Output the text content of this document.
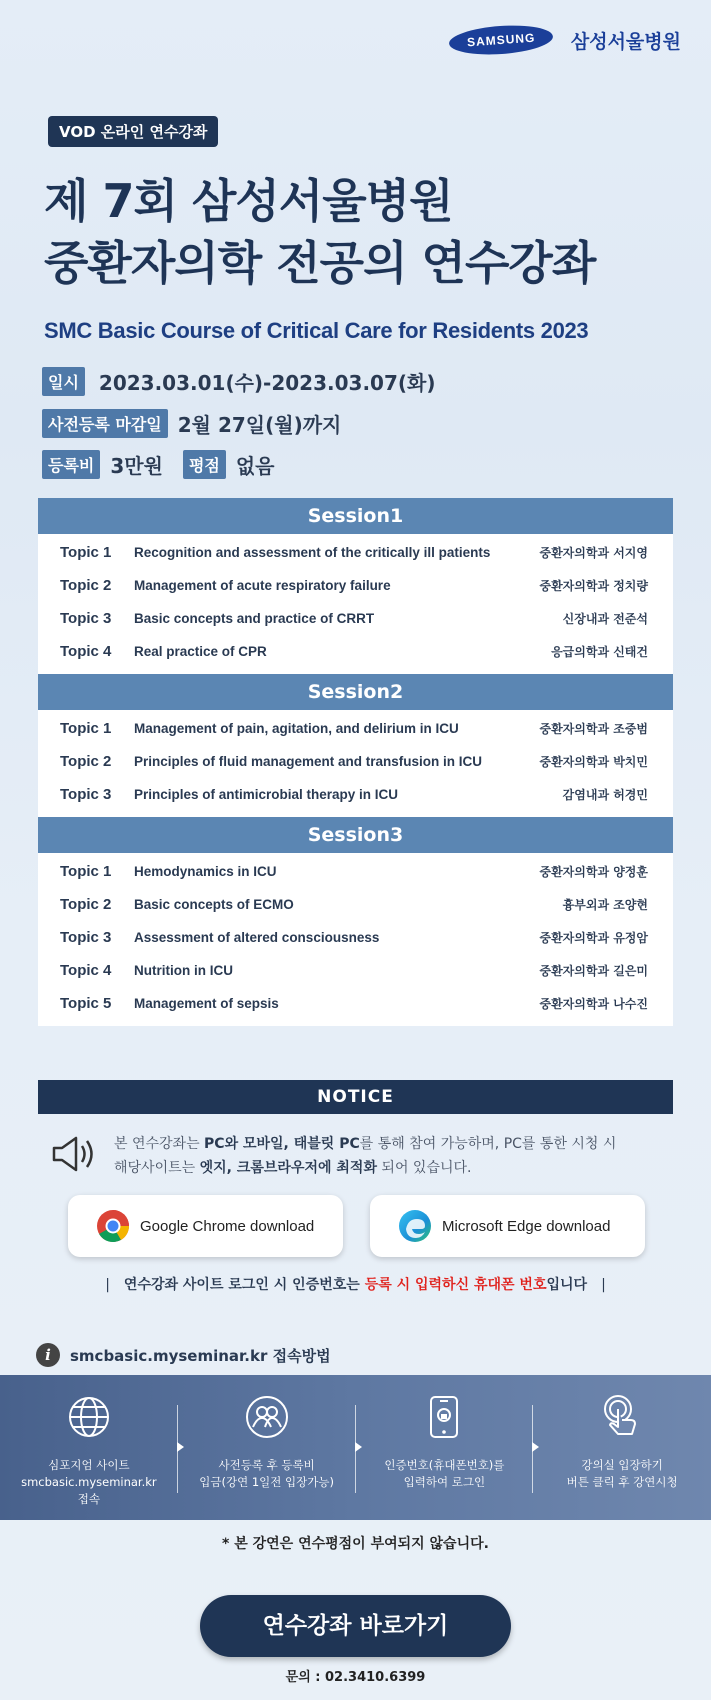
SAMSUNG	삼성서울병원
VOD 온라인 연수강좌
제 7회 삼성서울병원
중환자의학 전공의 연수강좌
SMC Basic Course of Critical Care for Residents 2023
일시	2023.03.01(수)-2023.03.07(화)
사전등록 마감일 2월 27일(월)까지
등록비 3만원	평점 없음
Session1
Topic 1	Recognition and assessment of the critically ill patients	중환자의학과 서지영
Topic 2	Management of acute respiratory failure	중환자의학과 정치량
Topic 3	Basic concepts and practice of CRRT	신장내과 전준석
Topic 4	Real practice of CPR	응급의학과 신태건
Session2
Topic 1	Management of pain, agitation, and delirium in ICU	중환자의학과 조중범
Topic 2	Principles of fluid management and transfusion in ICU	중환자의학과 박치민
Topic 3	Principles of antimicrobial therapy in ICU	감염내과 허경민
Session3
Topic 1	Hemodynamics in ICU	중환자의학과 양정훈
Topic 2	Basic concepts of ECMO	흉부외과 조양현
Topic 3	Assessment of altered consciousness	중환자의학과 유정암
Topic 4	Nutrition in ICU	중환자의학과 길은미
Topic 5	Management of sepsis	중환자의학과 나수진
NOTICE
본 연수강좌는 PC와 모바일, 태블릿 PC를 통해 참여 가능하며, PC를 통한 시청 시
해당사이트는 엣지, 크롬브라우저에 최적화 되어 있습니다.
Google Chrome download	Microsoft Edge download
| 연수강좌 사이트 로그인 시 인증번호는 등록 시 입력하신 휴대폰 번호입니다 |
i	smcbasic.myseminar.kr 접속방법
심포지엄 사이트
smcbasic.myseminar.kr
접속
사전등록 후 등록비
입금(강연 1일전 입장가능)
인증번호(휴대폰번호)를
입력하여 로그인
강의실 입장하기
버튼 클릭 후 강연시청
* 본 강연은 연수평점이 부여되지 않습니다.
연수강좌 바로가기
문의 : 02.3410.6399
